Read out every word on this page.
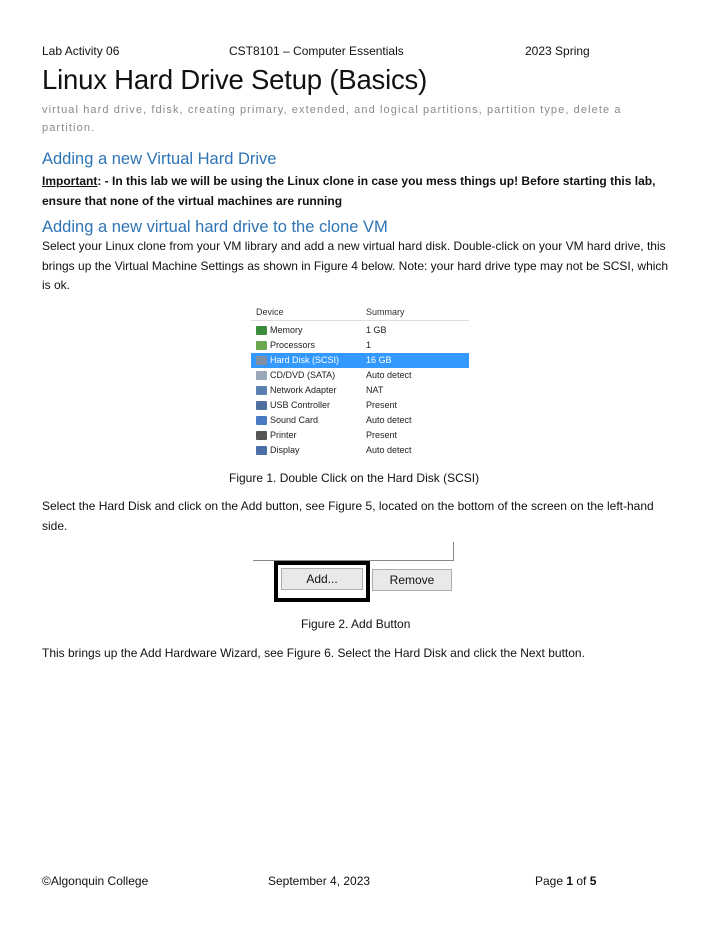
Lab Activity 06	CST8101 – Computer Essentials	2023 Spring
Linux Hard Drive Setup (Basics)
virtual hard drive, fdisk, creating primary, extended, and logical partitions, partition type, delete a partition.
Adding a new Virtual Hard Drive
Important: - In this lab we will be using the Linux clone in case you mess things up! Before starting this lab, ensure that none of the virtual machines are running
Adding a new virtual hard drive to the clone VM
Select your Linux clone from your VM library and add a new virtual hard disk. Double-click on your VM hard drive, this brings up the Virtual Machine Settings as shown in Figure 4 below. Note: your hard drive type may not be SCSI, which is ok.
Device	Summary
Memory	1 GB
Processors	1
Hard Disk (SCSI)	16 GB
CD/DVD (SATA)	Auto detect
Network Adapter	NAT
USB Controller	Present
Sound Card	Auto detect
Printer	Present
Display	Auto detect
Figure 1. Double Click on the Hard Disk (SCSI)
Select the Hard Disk and click on the Add button, see Figure 5, located on the bottom of the screen on the left-hand side.
Add...	Remove
Figure 2. Add Button
This brings up the Add Hardware Wizard, see Figure 6. Select the Hard Disk and click the Next button.
©Algonquin College	September 4, 2023	Page 1 of 5
